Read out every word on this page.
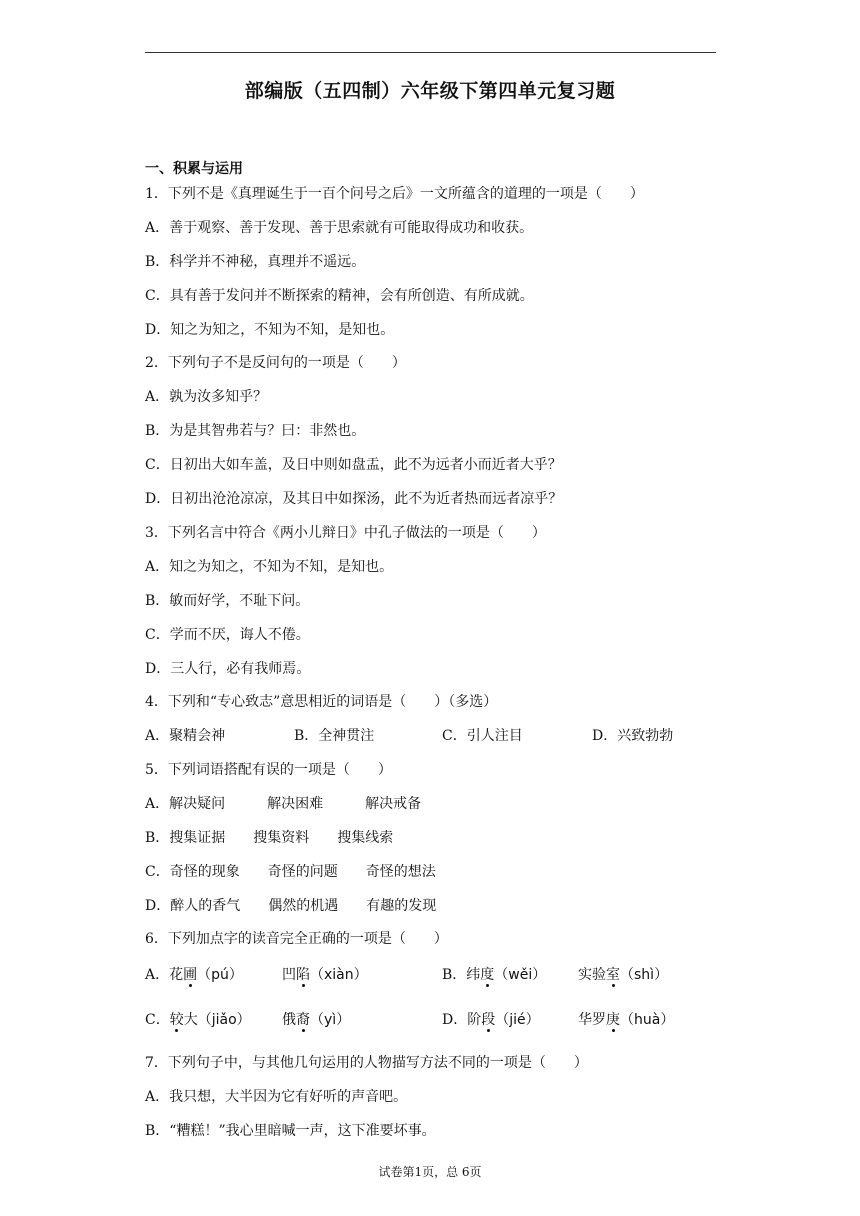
部编版（五四制）六年级下第四单元复习题
一、积累与运用
1．下列不是《真理诞生于一百个问号之后》一文所蕴含的道理的一项是（　　）
A．善于观察、善于发现、善于思索就有可能取得成功和收获。
B．科学并不神秘，真理并不遥远。
C．具有善于发问并不断探索的精神，会有所创造、有所成就。
D．知之为知之，不知为不知，是知也。
2．下列句子不是反问句的一项是（　　）
A．孰为汝多知乎？
B．为是其智弗若与？曰：非然也。
C．日初出大如车盖，及日中则如盘盂，此不为远者小而近者大乎？
D．日初出沧沧凉凉，及其日中如探汤，此不为近者热而远者凉乎？
3．下列名言中符合《两小儿辩日》中孔子做法的一项是（　　）
A．知之为知之，不知为不知，是知也。
B．敏而好学，不耻下问。
C．学而不厌，诲人不倦。
D．三人行，必有我师焉。
4．下列和“专心致志”意思相近的词语是（　　）（多选）
A．聚精会神	B．全神贯注	C．引人注目	D．兴致勃勃
5．下列词语搭配有误的一项是（　　）
A．解决疑问　　　解决困难　　　解决戒备
B．搜集证据　　搜集资料　　搜集线索
C．奇怪的现象　　奇怪的问题　　奇怪的想法
D．醉人的香气　　偶然的机遇　　有趣的发现
6．下列加点字的读音完全正确的一项是（　　）
A．花圃（pú）	凹陷（xiàn）	B．纬度（wěi） 实验室（shì）
C．较大（jiǎo） 俄裔（yì）	D．阶段（jié）	华罗庚（huà）
7．下列句子中，与其他几句运用的人物描写方法不同的一项是（　　）
A．我只想，大半因为它有好听的声音吧。
B．“糟糕！”我心里暗喊一声，这下准要坏事。
试卷第1页，总 6页
